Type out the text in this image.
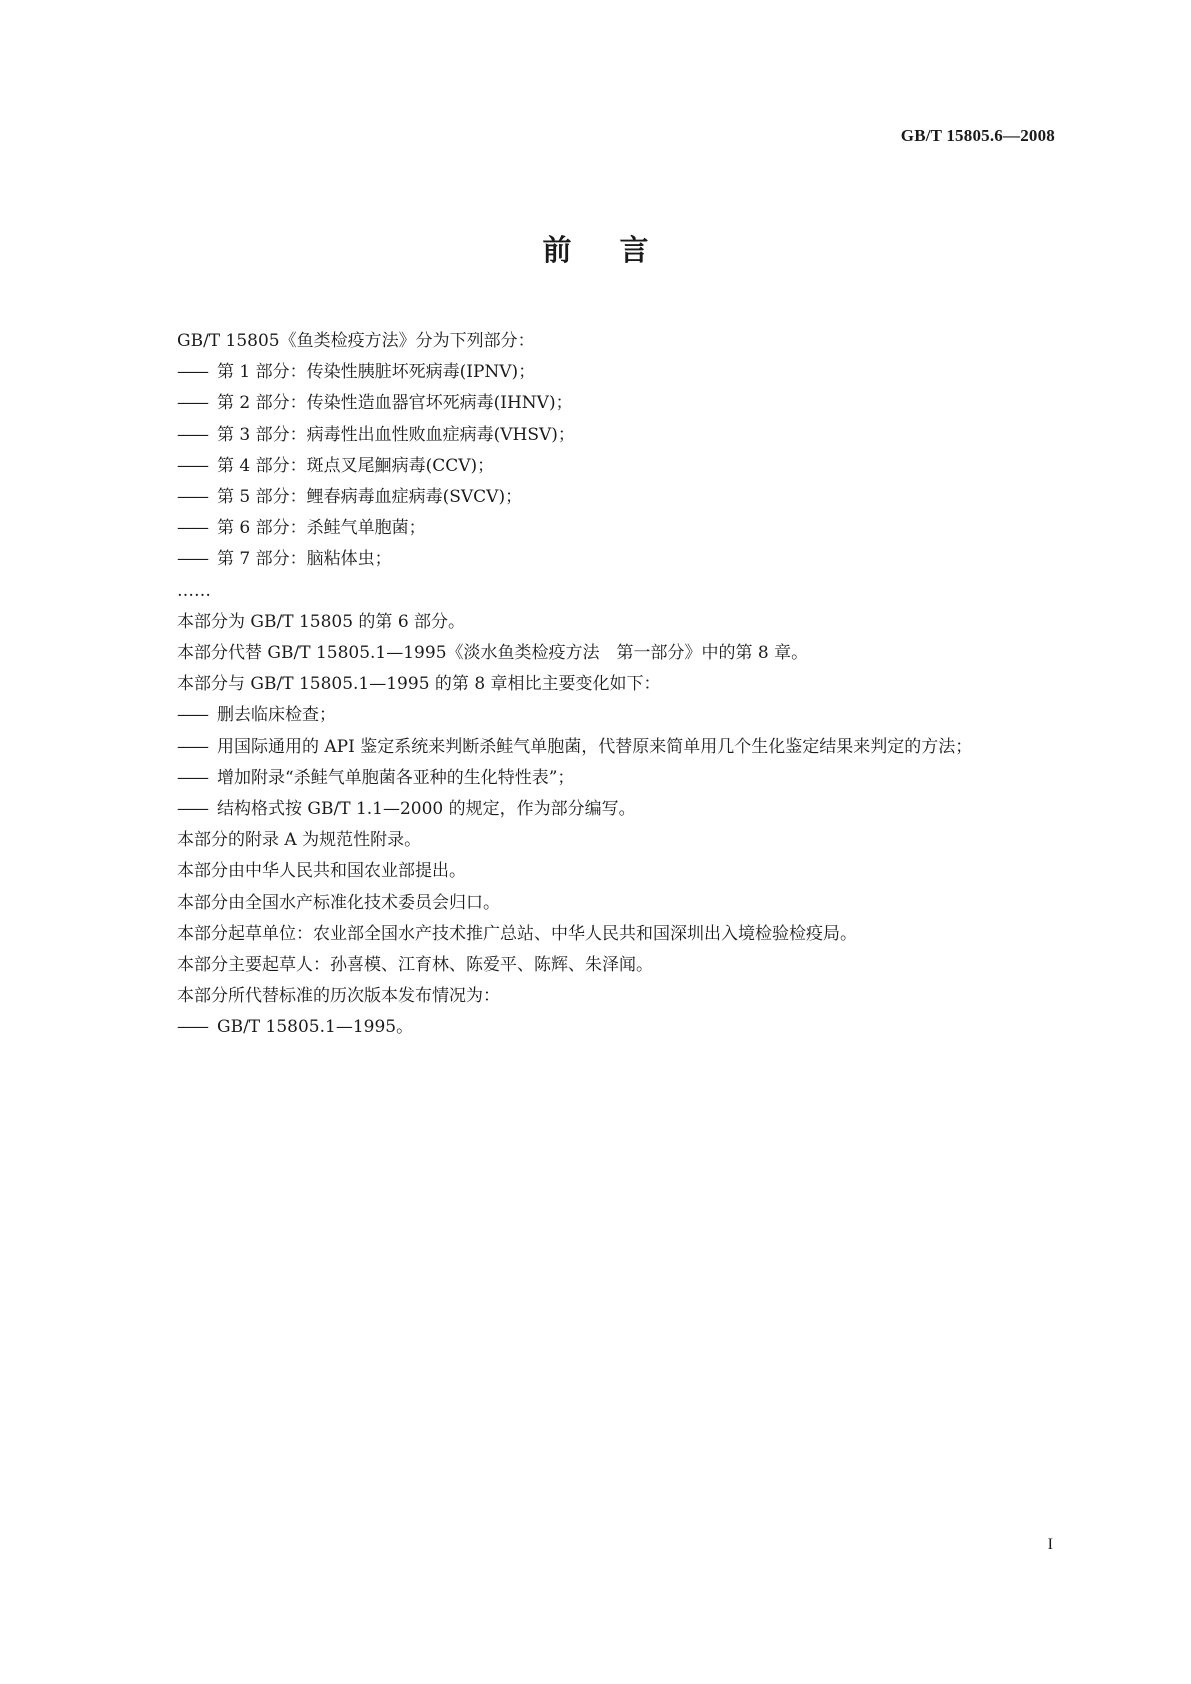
GB/T 15805.6—2008
前言
GB/T 15805《鱼类检疫方法》分为下列部分：
—— 第 1 部分：传染性胰脏坏死病毒(IPNV)；
—— 第 2 部分：传染性造血器官坏死病毒(IHNV)；
—— 第 3 部分：病毒性出血性败血症病毒(VHSV)；
—— 第 4 部分：斑点叉尾鮰病毒(CCV)；
—— 第 5 部分：鲤春病毒血症病毒(SVCV)；
—— 第 6 部分：杀鲑气单胞菌；
—— 第 7 部分：脑粘体虫；
……
本部分为 GB/T 15805 的第 6 部分。
本部分代替 GB/T 15805.1—1995《淡水鱼类检疫方法　第一部分》中的第 8 章。
本部分与 GB/T 15805.1—1995 的第 8 章相比主要变化如下：
—— 删去临床检查；
—— 用国际通用的 API 鉴定系统来判断杀鲑气单胞菌，代替原来简单用几个生化鉴定结果来判定的方法；
—— 增加附录“杀鲑气单胞菌各亚种的生化特性表”；
—— 结构格式按 GB/T 1.1—2000 的规定，作为部分编写。
本部分的附录 A 为规范性附录。
本部分由中华人民共和国农业部提出。
本部分由全国水产标准化技术委员会归口。
本部分起草单位：农业部全国水产技术推广总站、中华人民共和国深圳出入境检验检疫局。
本部分主要起草人：孙喜模、江育林、陈爱平、陈辉、朱泽闻。
本部分所代替标准的历次版本发布情况为：
—— GB/T 15805.1—1995。
I
